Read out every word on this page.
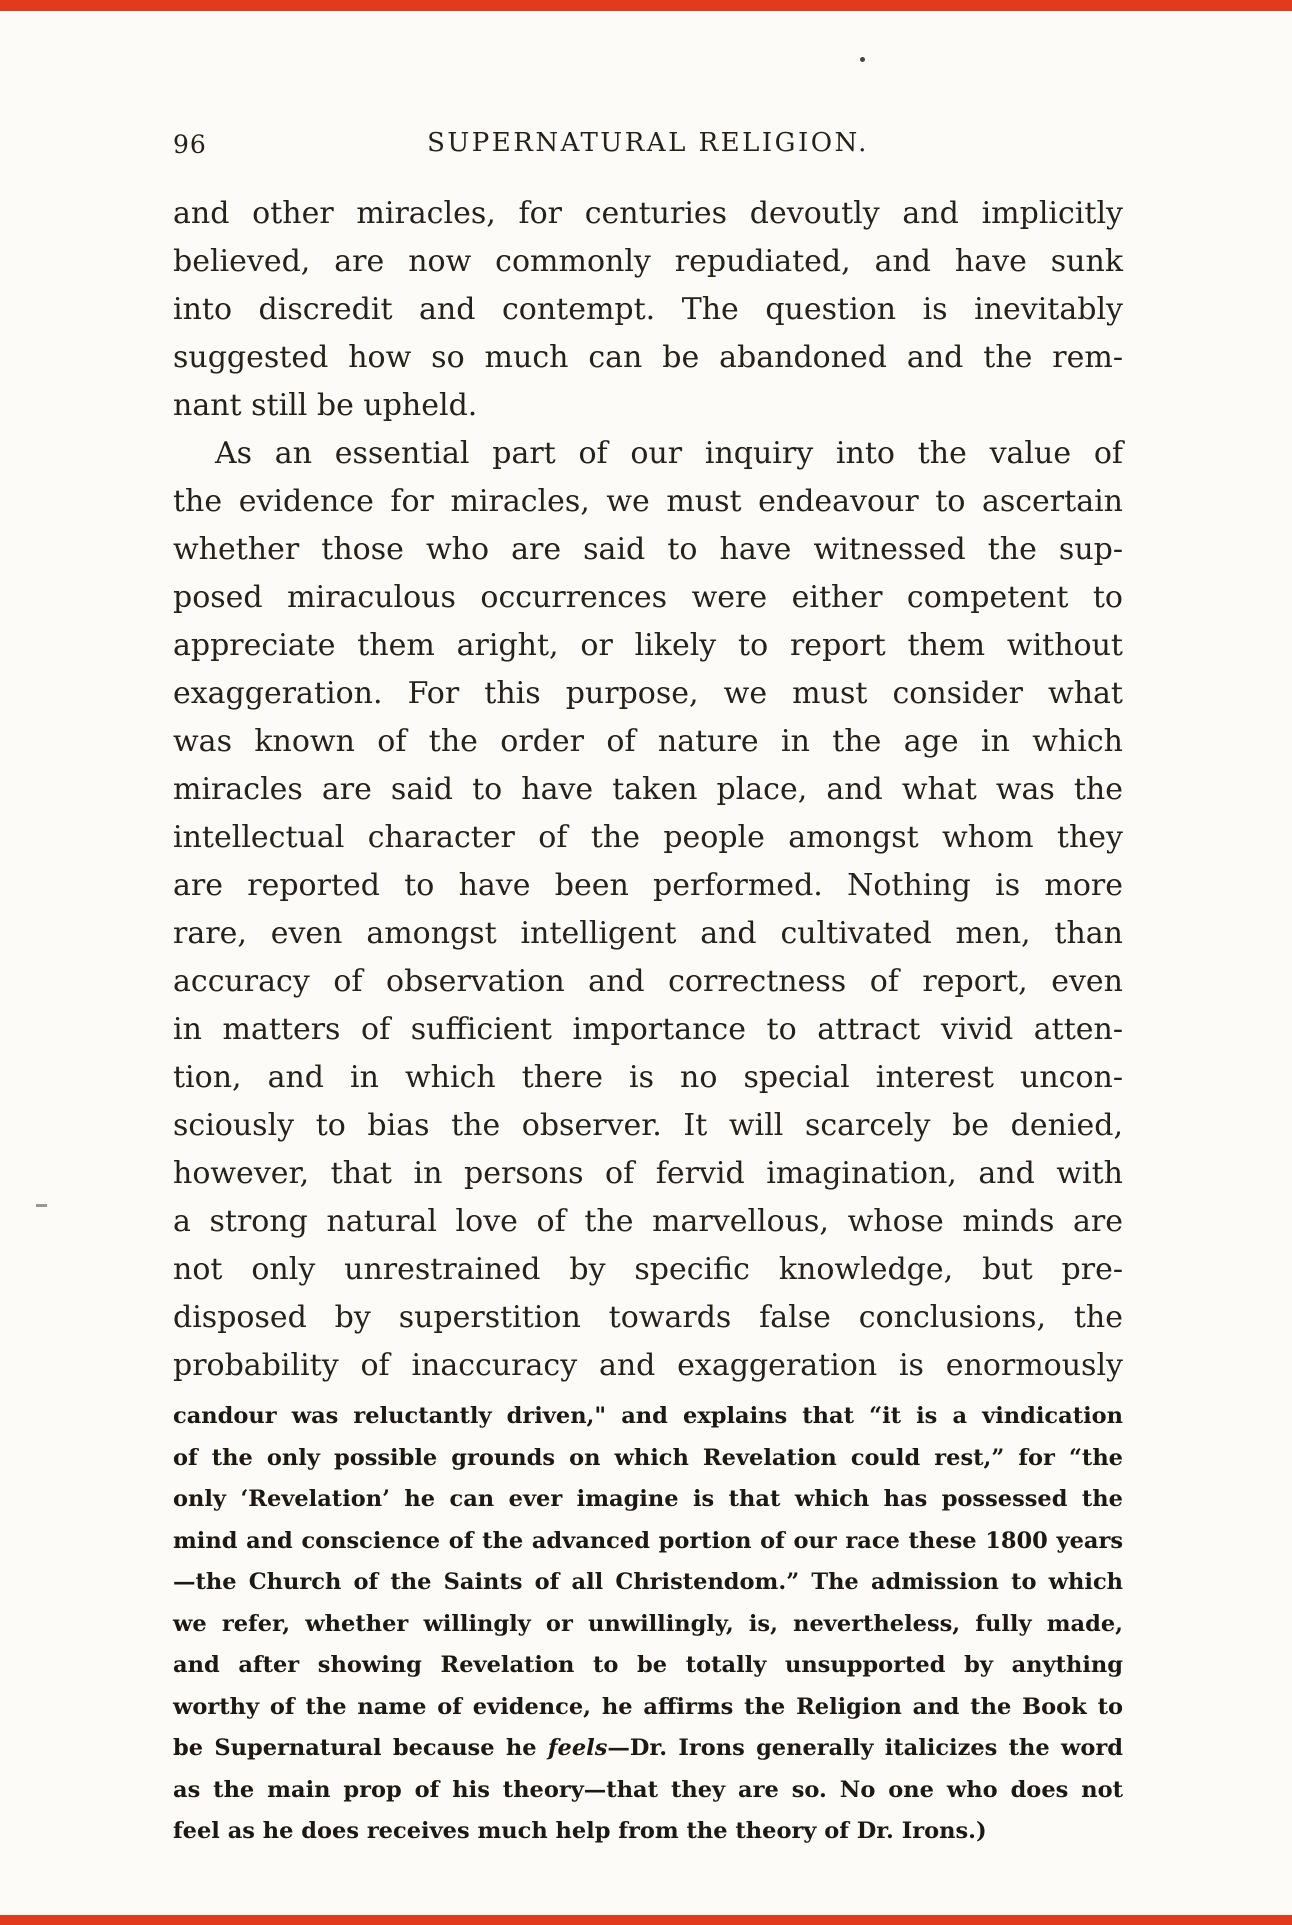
96	SUPERNATURAL RELIGION.
and other miracles, for centuries devoutly and implicitly
believed, are now commonly repudiated, and have sunk
into discredit and contempt. The question is inevitably
suggested how so much can be abandoned and the rem-
nant still be upheld.
As an essential part of our inquiry into the value of
the evidence for miracles, we must endeavour to ascertain
whether those who are said to have witnessed the sup-
posed miraculous occurrences were either competent to
appreciate them aright, or likely to report them without
exaggeration. For this purpose, we must consider what
was known of the order of nature in the age in which
miracles are said to have taken place, and what was the
intellectual character of the people amongst whom they
are reported to have been performed. Nothing is more
rare, even amongst intelligent and cultivated men, than
accuracy of observation and correctness of report, even
in matters of sufficient importance to attract vivid atten-
tion, and in which there is no special interest uncon-
sciously to bias the observer. It will scarcely be denied,
however, that in persons of fervid imagination, and with
a strong natural love of the marvellous, whose minds are
not only unrestrained by specific knowledge, but pre-
disposed by superstition towards false conclusions, the
probability of inaccuracy and exaggeration is enormously
candour was reluctantly driven," and explains that “it is a vindication
of the only possible grounds on which Revelation could rest,” for “the
only ‘Revelation’ he can ever imagine is that which has possessed the
mind and conscience of the advanced portion of our race these 1800 years
—the Church of the Saints of all Christendom.” The admission to which
we refer, whether willingly or unwillingly, is, nevertheless, fully made,
and after showing Revelation to be totally unsupported by anything
worthy of the name of evidence, he affirms the Religion and the Book to
be Supernatural because he feels—Dr. Irons generally italicizes the word
as the main prop of his theory—that they are so. No one who does not
feel as he does receives much help from the theory of Dr. Irons.)
